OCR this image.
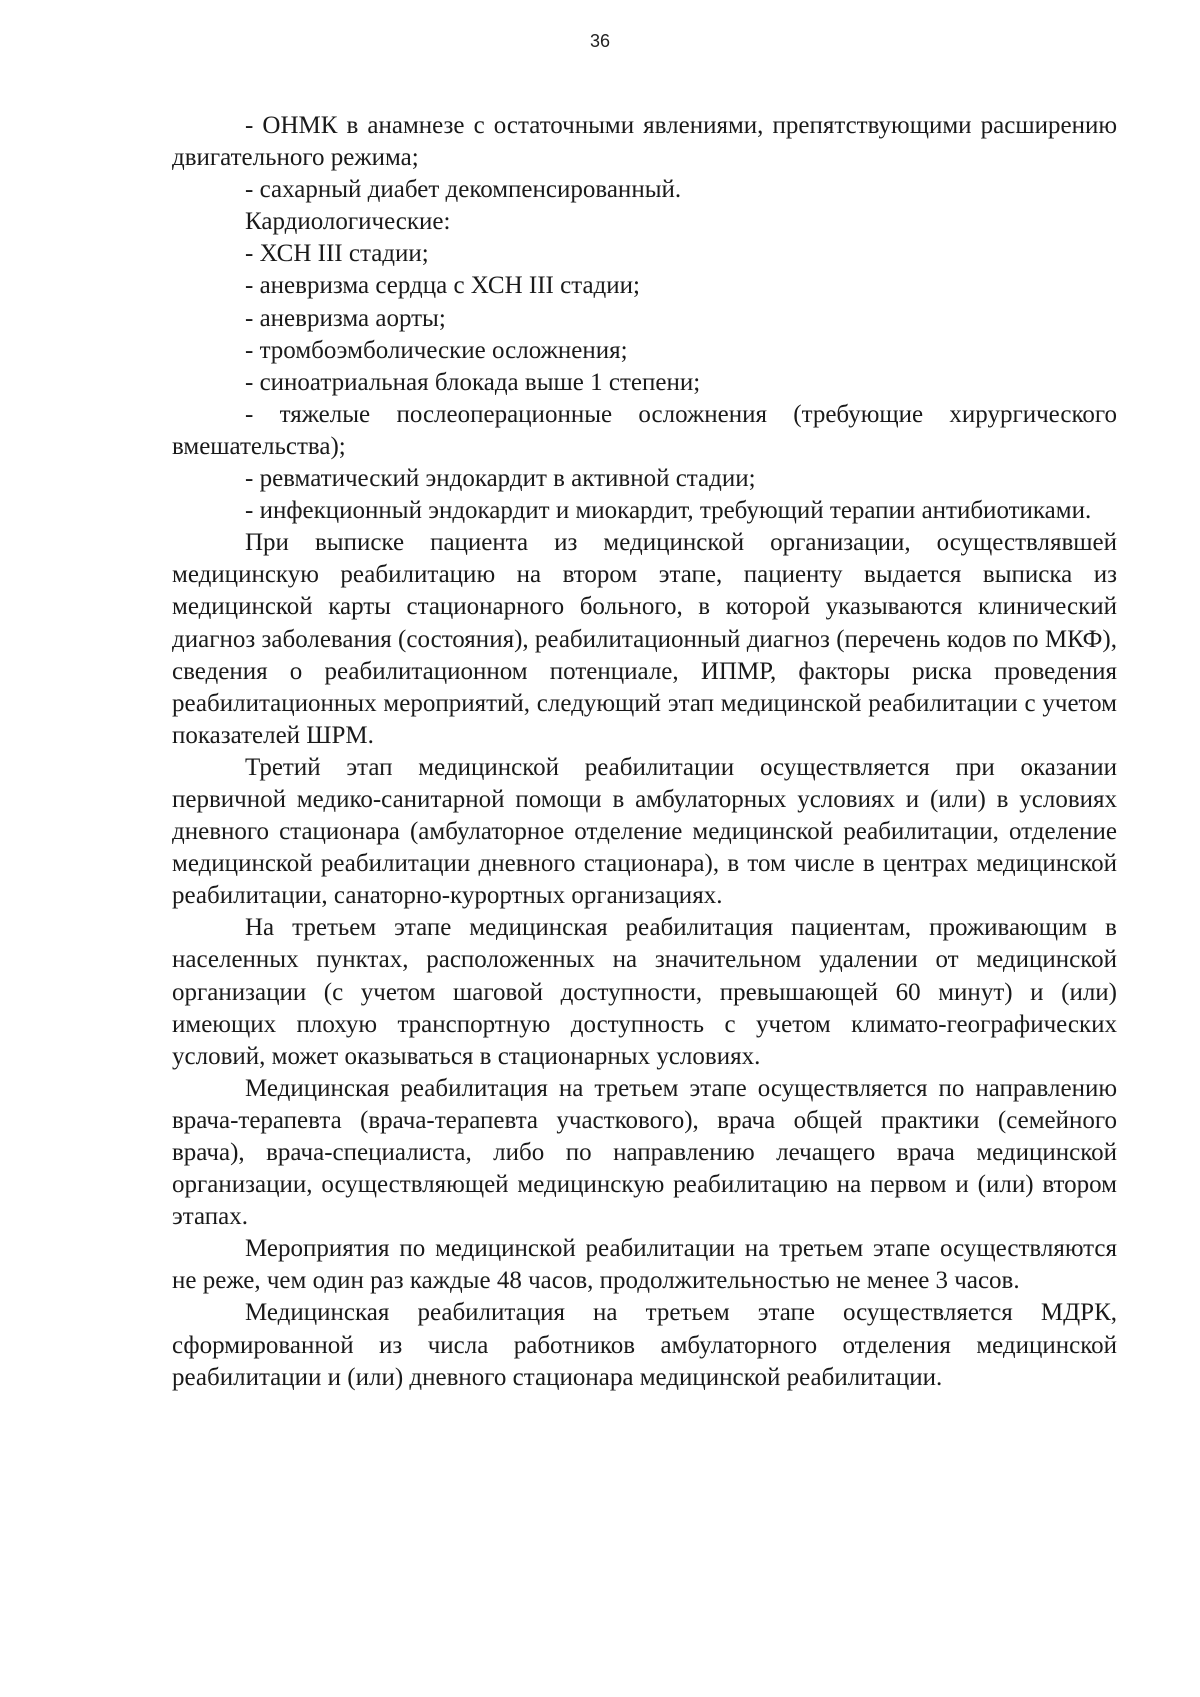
36

- ОНМК в анамнезе с остаточными явлениями, препятствующими расширению двигательного режима;

- сахарный диабет декомпенсированный.

Кардиологические:

- ХСН III стадии;

- аневризма сердца с ХСН III стадии;

- аневризма аорты;

- тромбоэмболические осложнения;

- синоатриальная блокада выше 1 степени;

- тяжелые послеоперационные осложнения (требующие хирургического вмешательства);

- ревматический эндокардит в активной стадии;

- инфекционный эндокардит и миокардит, требующий терапии антибиотиками.

При выписке пациента из медицинской организации, осуществлявшей медицинскую реабилитацию на втором этапе, пациенту выдается выписка из медицинской карты стационарного больного, в которой указываются клинический диагноз заболевания (состояния), реабилитационный диагноз (перечень кодов по МКФ), сведения о реабилитационном потенциале, ИПМР, факторы риска проведения реабилитационных мероприятий, следующий этап медицинской реабилитации с учетом показателей ШРМ.

Третий этап медицинской реабилитации осуществляется при оказании первичной медико-санитарной помощи в амбулаторных условиях и (или) в условиях дневного стационара (амбулаторное отделение медицинской реабилитации, отделение медицинской реабилитации дневного стационара), в том числе в центрах медицинской реабилитации, санаторно-курортных организациях.

На третьем этапе медицинская реабилитация пациентам, проживающим в населенных пунктах, расположенных на значительном удалении от медицинской организации (с учетом шаговой доступности, превышающей 60 минут) и (или) имеющих плохую транспортную доступность с учетом климато-географических условий, может оказываться в стационарных условиях.

Медицинская реабилитация на третьем этапе осуществляется по направлению врача-терапевта (врача-терапевта участкового), врача общей практики (семейного врача), врача-специалиста, либо по направлению лечащего врача медицинской организации, осуществляющей медицинскую реабилитацию на первом и (или) втором этапах.

Мероприятия по медицинской реабилитации на третьем этапе осуществляются не реже, чем один раз каждые 48 часов, продолжительностью не менее 3 часов.

Медицинская реабилитация на третьем этапе осуществляется МДРК, сформированной из числа работников амбулаторного отделения медицинской реабилитации и (или) дневного стационара медицинской реабилитации.
